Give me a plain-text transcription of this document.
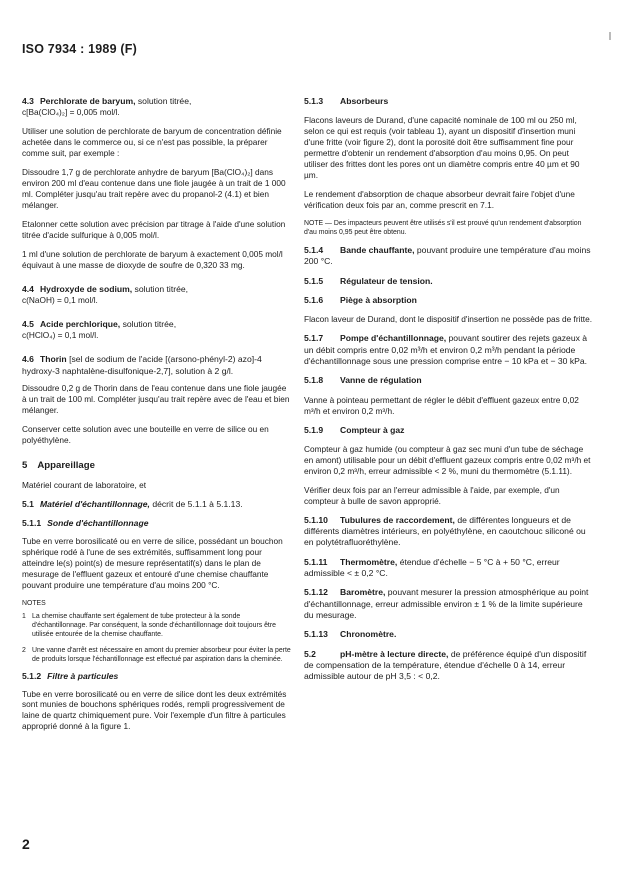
ISO 7934 : 1989 (F)

4.3 Perchlorate de baryum, solution titrée,

c[Ba(ClO₄)₂] = 0,005 mol/l.

Utiliser une solution de perchlorate de baryum de concentration définie achetée dans le commerce ou, si ce n'est pas possible, la préparer comme suit, par exemple :

Dissoudre 1,7 g de perchlorate anhydre de baryum [Ba(ClO₄)₂] dans environ 200 ml d'eau contenue dans une fiole jaugée à un trait de 1 000 ml. Compléter jusqu'au trait repère avec du propanol-2 (4.1) et bien mélanger.

Etalonner cette solution avec précision par titrage à l'aide d'une solution titrée d'acide sulfurique à 0,005 mol/l.

1 ml d'une solution de perchlorate de baryum à exactement 0,005 mol/l équivaut à une masse de dioxyde de soufre de 0,320 33 mg.

4.4 Hydroxyde de sodium, solution titrée,

c(NaOH) = 0,1 mol/l.

4.5 Acide perchlorique, solution titrée,

c(HClO₄) = 0,1 mol/l.

4.6 Thorin [sel de sodium de l'acide [(arsono-phényl-2) azo]-4 hydroxy-3 naphtalène-disulfonique-2,7], solution à 2 g/l.

Dissoudre 0,2 g de Thorin dans de l'eau contenue dans une fiole jaugée à un trait de 100 ml. Compléter jusqu'au trait repère avec de l'eau et bien mélanger.

Conserver cette solution avec une bouteille en verre de silice ou en polyéthylène.

5 Appareillage

Matériel courant de laboratoire, et

5.1 Matériel d'échantillonnage, décrit de 5.1.1 à 5.1.13.

5.1.1 Sonde d'échantillonnage

Tube en verre borosilicaté ou en verre de silice, possédant un bouchon sphérique rodé à l'une de ses extrémités, suffisamment long pour atteindre le(s) point(s) de mesure représentatif(s) dans le plan de mesurage de l'effluent gazeux et entouré d'une chemise chauffante pouvant produire une température d'au moins 200 °C.

NOTES

1 La chemise chauffante sert également de tube protecteur à la sonde d'échantillonnage. Par conséquent, la sonde d'échantillonnage doit toujours être utilisée entourée de la chemise chauffante.
2 Une vanne d'arrêt est nécessaire en amont du premier absorbeur pour éviter la perte de produits lorsque l'échantillonnage est effectué par aspiration dans la cheminée.

5.1.2 Filtre à particules

Tube en verre borosilicaté ou en verre de silice dont les deux extrémités sont munies de bouchons sphériques rodés, rempli progressivement de laine de quartz chimiquement pure. Voir l'exemple d'un filtre à particules approprié donné à la figure 1.

5.1.3 Absorbeurs

Flacons laveurs de Durand, d'une capacité nominale de 100 ml ou 250 ml, selon ce qui est requis (voir tableau 1), ayant un dispositif d'insertion muni d'une fritte (voir figure 2), dont la porosité doit être suffisamment fine pour permettre d'obtenir un rendement d'absorption d'au moins 0,95. On peut utiliser des frittes dont les pores ont un diamètre compris entre 40 µm et 90 µm.

Le rendement d'absorption de chaque absorbeur devrait faire l'objet d'une vérification deux fois par an, comme prescrit en 7.1.

NOTE — Des impacteurs peuvent être utilisés s'il est prouvé qu'un rendement d'absorption d'au moins 0,95 peut être obtenu.

5.1.4 Bande chauffante, pouvant produire une température d'au moins 200 °C.

5.1.5 Régulateur de tension.

5.1.6 Piège à absorption

Flacon laveur de Durand, dont le dispositif d'insertion ne possède pas de fritte.

5.1.7 Pompe d'échantillonnage, pouvant soutirer des rejets gazeux à un débit compris entre 0,02 m³/h et environ 0,2 m³/h pendant la période d'échantillonnage sous une pression comprise entre − 10 kPa et − 30 kPa.

5.1.8 Vanne de régulation

Vanne à pointeau permettant de régler le débit d'effluent gazeux entre 0,02 m³/h et environ 0,2 m³/h.

5.1.9 Compteur à gaz

Compteur à gaz humide (ou compteur à gaz sec muni d'un tube de séchage en amont) utilisable pour un débit d'effluent gazeux compris entre 0,02 m³/h et environ 0,2 m³/h, erreur admissible < 2 %, muni du thermomètre (5.1.11).

Vérifier deux fois par an l'erreur admissible à l'aide, par exemple, d'un compteur à bulle de savon approprié.

5.1.10 Tubulures de raccordement, de différentes longueurs et de différents diamètres intérieurs, en polyéthylène, en caoutchouc siliconé ou en polytétrafluoréthylène.

5.1.11 Thermomètre, étendue d'échelle − 5 °C à + 50 °C, erreur admissible < ± 0,2 °C.

5.1.12 Baromètre, pouvant mesurer la pression atmosphérique au point d'échantillonnage, erreur admissible environ ± 1 % de la limite supérieure du mesurage.

5.1.13 Chronomètre.

5.2	pH-mètre à lecture directe, de préférence équipé d'un dispositif de compensation de la température, étendue d'échelle 0 à 14, erreur admissible autour de pH 3,5 : < 0,2.

2
